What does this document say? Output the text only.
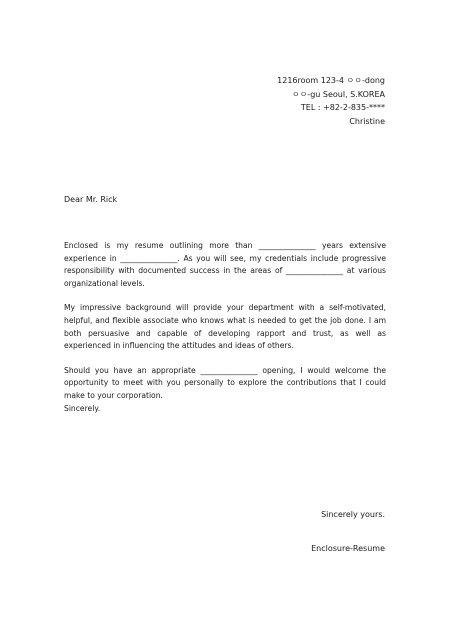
1216room 123-4 ㅇㅇ-dong
ㅇㅇ-gu Seoul, S.KOREA
TEL : +82-2-835-****
Christine
Dear Mr. Rick

Enclosed is my resume outlining more than _______________ years extensive experience in _______________. As you will see, my credentials include progressive responsibility with documented success in the areas of _______________ at various organizational levels.

My impressive background will provide your department with a self-motivated, helpful, and flexible associate who knows what is needed to get the job done. I am both persuasive and capable of developing rapport and trust, as well as experienced in influencing the attitudes and ideas of others.

Should you have an appropriate _______________ opening, I would welcome the opportunity to meet with you personally to explore the contributions that I could make to your corporation.

Sincerely.

Sincerely yours.
Enclosure-Resume
